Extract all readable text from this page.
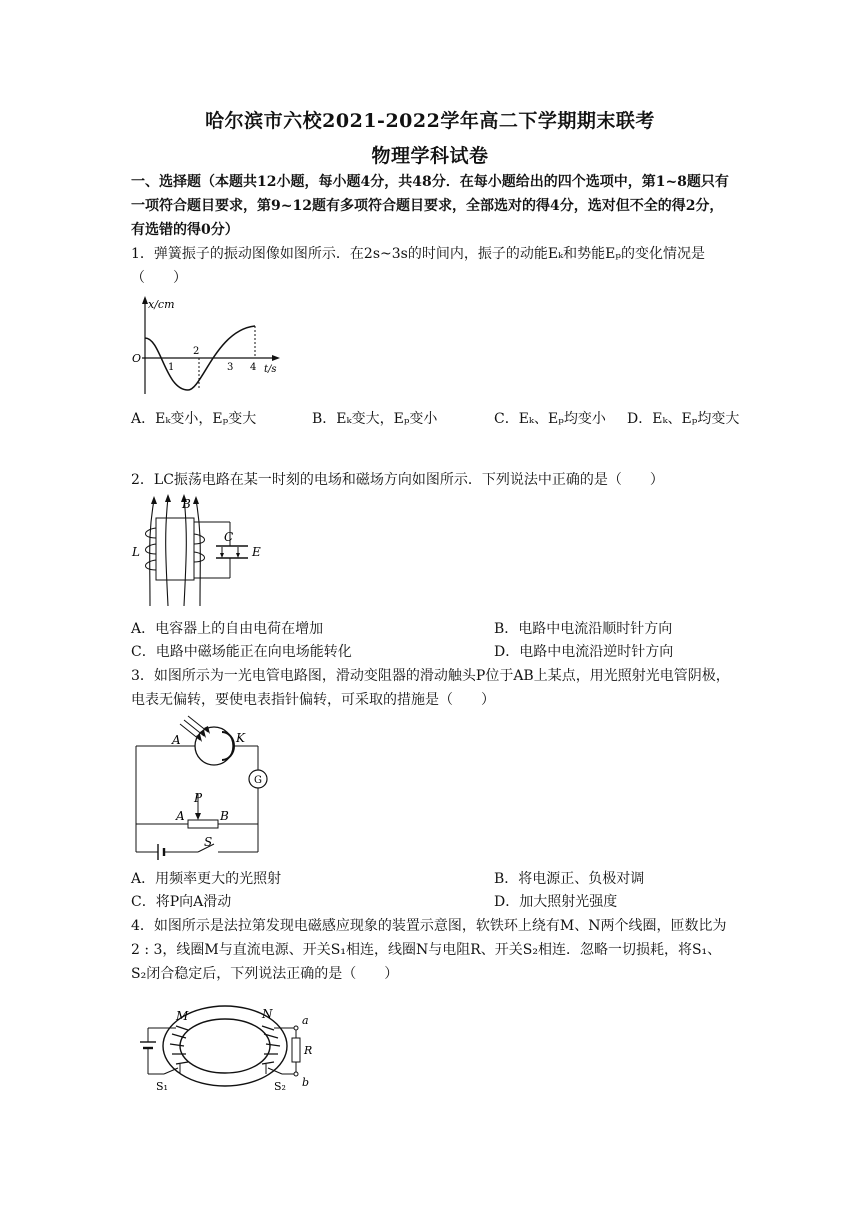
哈尔滨市六校2021-2022学年高二下学期期末联考
物理学科试卷
一、选择题（本题共12小题，每小题4分，共48分．在每小题给出的四个选项中，第1~8题只有一项符合题目要求，第9~12题有多项符合题目要求，全部选对的得4分，选对但不全的得2分，有选错的得0分）
1．弹簧振子的振动图像如图所示．在2s~3s的时间内，振子的动能Eₖ和势能Eₚ的变化情况是（　　）
x/cm
O
1
2
3 4 t/s
A．Eₖ变小，Eₚ变大	B．Eₖ变大，Eₚ变小	C．Eₖ、Eₚ均变小 D．Eₖ、Eₚ均变大
2．LC振荡电路在某一时刻的电场和磁场方向如图所示．下列说法中正确的是（　　）
B
L
C
E
A．电容器上的自由电荷在增加	B．电路中电流沿顺时针方向
C．电路中磁场能正在向电场能转化	D．电路中电流沿逆时针方向
3．如图所示为一光电管电路图，滑动变阻器的滑动触头P位于AB上某点，用光照射光电管阴极，电表无偏转，要使电表指针偏转，可采取的措施是（　　）
A	K
G
P
A	B
S
A．用频率更大的光照射	B．将电源正、负极对调
C．将P向A滑动	D．加大照射光强度
4．如图所示是法拉第发现电磁感应现象的装置示意图，软铁环上绕有M、N两个线圈，匝数比为2 : 3，线圈M与直流电源、开关S₁相连，线圈N与电阻R、开关S₂相连．忽略一切损耗，将S₁、S₂闭合稳定后，下列说法正确的是（　　）
M	N	a
R
b
S₁	S₂
